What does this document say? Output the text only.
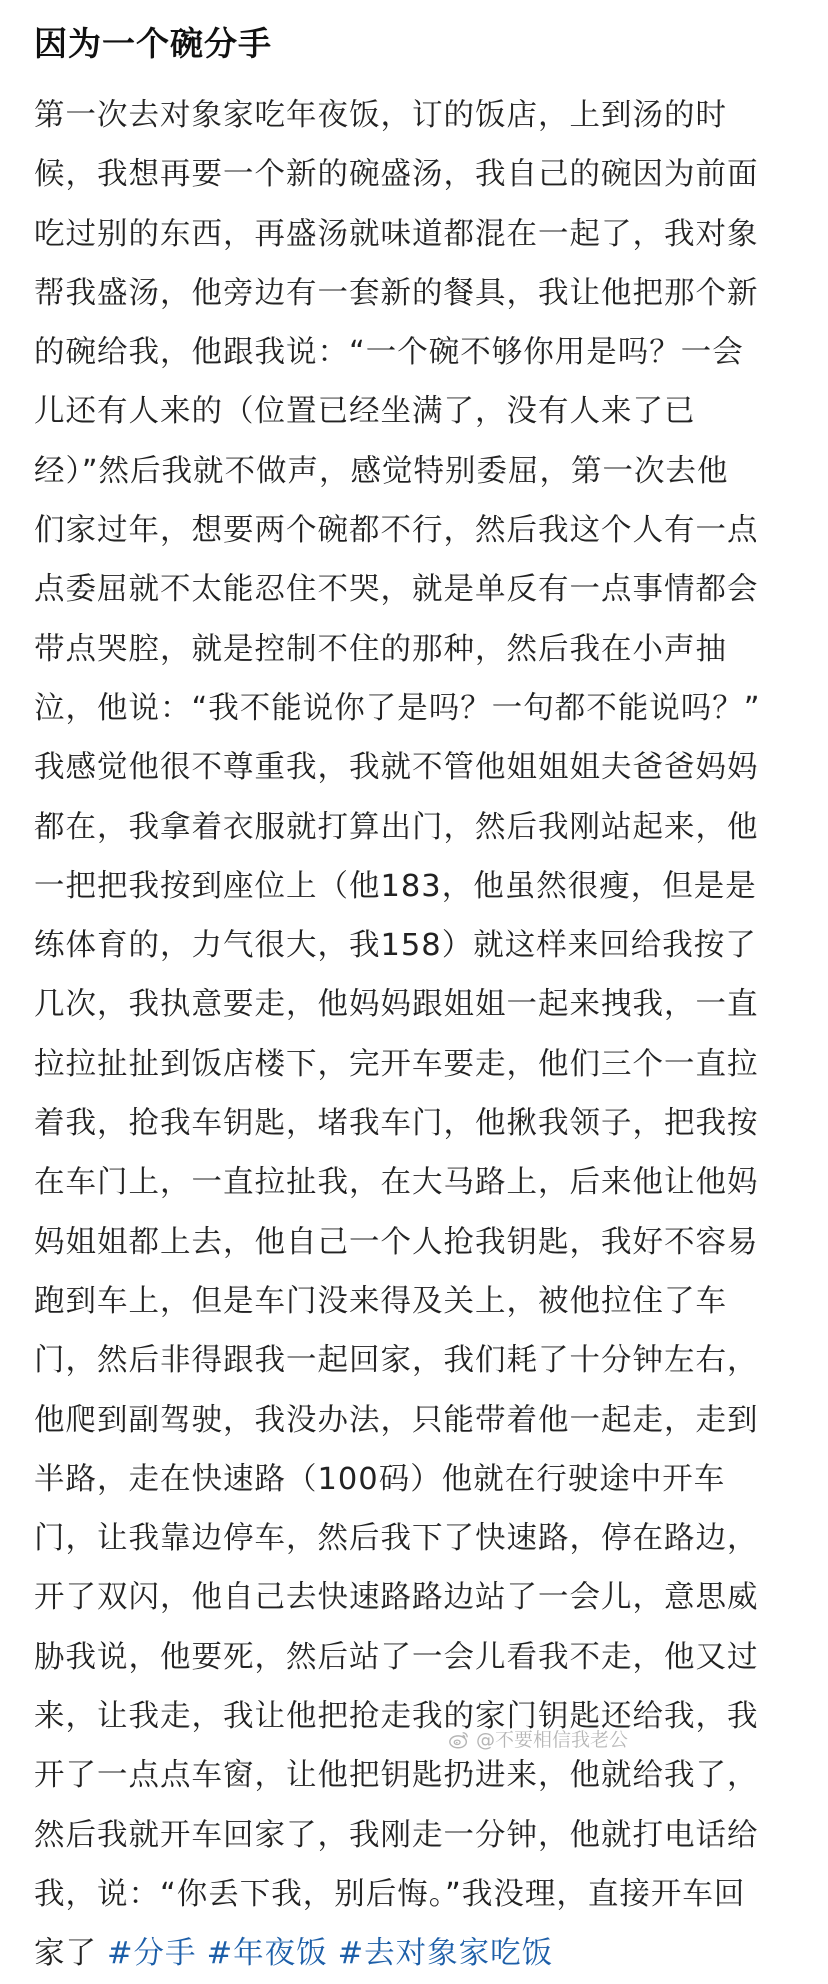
因为一个碗分手
第一次去对象家吃年夜饭，订的饭店，上到汤的时
候，我想再要一个新的碗盛汤，我自己的碗因为前面
吃过别的东西，再盛汤就味道都混在一起了，我对象
帮我盛汤，他旁边有一套新的餐具，我让他把那个新
的碗给我，他跟我说：“一个碗不够你用是吗？一会
儿还有人来的（位置已经坐满了，没有人来了已
经）”然后我就不做声，感觉特别委屈，第一次去他
们家过年，想要两个碗都不行，然后我这个人有一点
点委屈就不太能忍住不哭，就是单反有一点事情都会
带点哭腔，就是控制不住的那种，然后我在小声抽
泣，他说：“我不能说你了是吗？一句都不能说吗？”
我感觉他很不尊重我，我就不管他姐姐姐夫爸爸妈妈
都在，我拿着衣服就打算出门，然后我刚站起来，他
一把把我按到座位上（他183，他虽然很瘦，但是是
练体育的，力气很大，我158）就这样来回给我按了
几次，我执意要走，他妈妈跟姐姐一起来拽我，一直
拉拉扯扯到饭店楼下，完开车要走，他们三个一直拉
着我，抢我车钥匙，堵我车门，他揪我领子，把我按
在车门上，一直拉扯我，在大马路上，后来他让他妈
妈姐姐都上去，他自己一个人抢我钥匙，我好不容易
跑到车上，但是车门没来得及关上，被他拉住了车
门，然后非得跟我一起回家，我们耗了十分钟左右，
他爬到副驾驶，我没办法，只能带着他一起走，走到
半路，走在快速路（100码）他就在行驶途中开车
门，让我靠边停车，然后我下了快速路，停在路边，
开了双闪，他自己去快速路路边站了一会儿，意思威
胁我说，他要死，然后站了一会儿看我不走，他又过
来，让我走，我让他把抢走我的家门钥匙还给我，我
开了一点点车窗，让他把钥匙扔进来，他就给我了，
然后我就开车回家了，我刚走一分钟，他就打电话给
我，说：“你丢下我，别后悔。”我没理，直接开车回
家了 #分手 #年夜饭 #去对象家吃饭
@不要相信我老公
